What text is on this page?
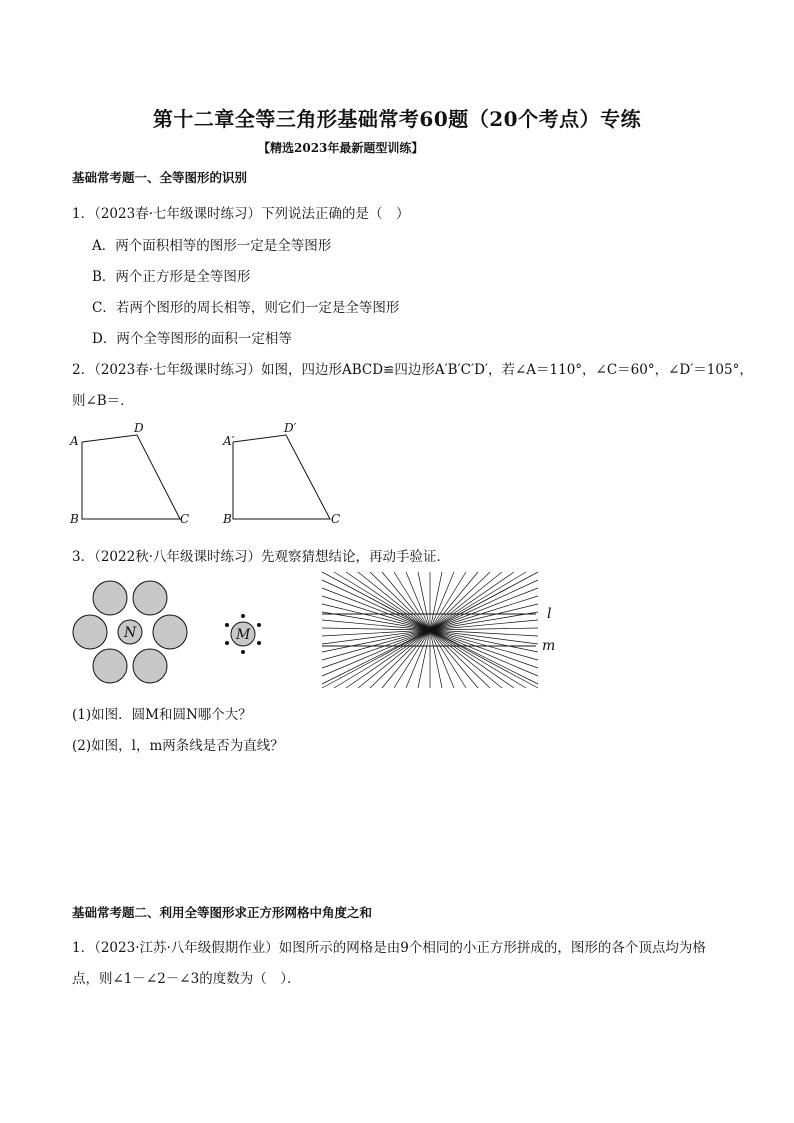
第十二章全等三角形基础常考60题（20个考点）专练
【精选2023年最新题型训练】
基础常考题一、全等图形的识别
1．（2023春·七年级课时练习）下列说法正确的是（　）
A．两个面积相等的图形一定是全等图形
B．两个正方形是全等图形
C．若两个图形的周长相等，则它们一定是全等图形
D．两个全等图形的面积一定相等
2．（2023春·七年级课时练习）如图，四边形ABCD≌四边形A′B′C′D′，若∠A＝110°，∠C＝60°，∠D′＝105°，
则∠B＝．
A
D
B	C
A′
D′
B	C
3．（2022秋·八年级课时练习）先观察猜想结论，再动手验证．
N	M
l
m
(1)如图．圆M和圆N哪个大？
(2)如图，l，m两条线是否为直线？
基础常考题二、利用全等图形求正方形网格中角度之和
1．（2023·江苏·八年级假期作业）如图所示的网格是由9个相同的小正方形拼成的，图形的各个顶点均为格
点，则∠1－∠2－∠3的度数为（　）．
